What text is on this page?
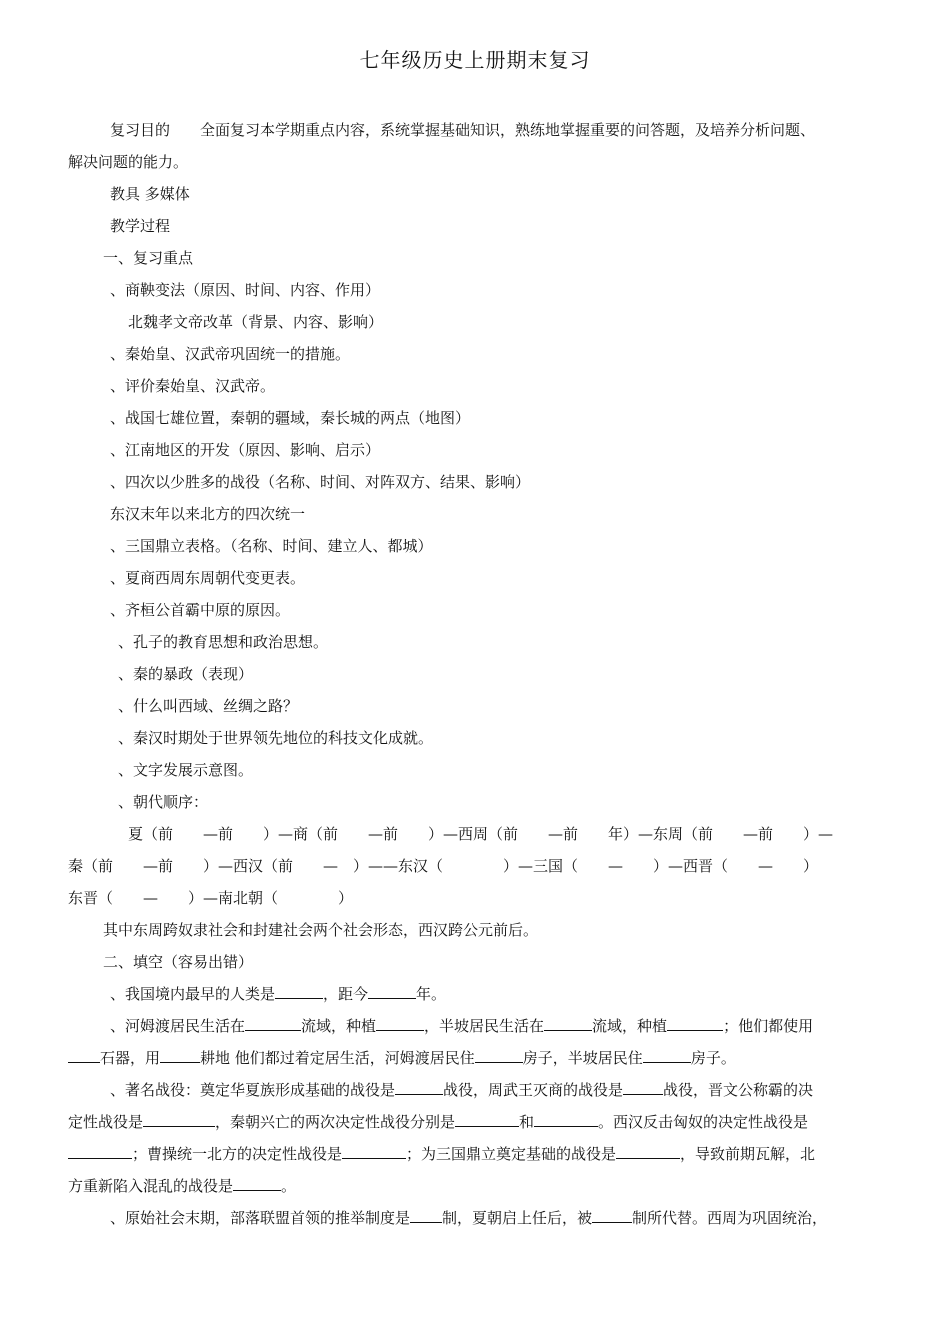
七年级历史上册期末复习
复习目的　　全面复习本学期重点内容，系统掌握基础知识，熟练地掌握重要的问答题，及培养分析问题、
解决问题的能力。
教具 多媒体
教学过程
一、复习重点
、商鞅变法（原因、时间、内容、作用）
北魏孝文帝改革（背景、内容、影响）
、秦始皇、汉武帝巩固统一的措施。
、评价秦始皇、汉武帝。
、战国七雄位置，秦朝的疆域，秦长城的两点（地图）
、江南地区的开发（原因、影响、启示）
、四次以少胜多的战役（名称、时间、对阵双方、结果、影响）
东汉末年以来北方的四次统一
、三国鼎立表格。（名称、时间、建立人、都城）
、夏商西周东周朝代变更表。
、齐桓公首霸中原的原因。
、孔子的教育思想和政治思想。
、秦的暴政（表现）
、什么叫西域、丝绸之路？
、秦汉时期处于世界领先地位的科技文化成就。
、文字发展示意图。
、朝代顺序：
夏（前　　—前　　）—商（前　　—前　　）—西周（前　　—前　　年）—东周（前　　—前　　）—
秦（前　　—前　　）—西汉（前　　—　）——东汉（　　　　）—三国（　　—　　）—西晋（　　—　　）
东晋（　　—　　）—南北朝（　　　　）
其中东周跨奴隶社会和封建社会两个社会形态，西汉跨公元前后。
二、填空（容易出错）
、我国境内最早的人类是	，距今	年。
、河姆渡居民生活在	流域，种植	，半坡居民生活在	流域，种植	；他们都使用
石器，用	耕地 他们都过着定居生活，河姆渡居民住	房子，半坡居民住	房子。
、著名战役：奠定华夏族形成基础的战役是	战役，周武王灭商的战役是	战役，晋文公称霸的决
定性战役是	，秦朝兴亡的两次决定性战役分别是	和	。西汉反击匈奴的决定性战役是
；曹操统一北方的决定性战役是	；为三国鼎立奠定基础的战役是	，导致前期瓦解，北
方重新陷入混乱的战役是	。
、原始社会末期，部落联盟首领的推举制度是 制，夏朝启上任后，被	制所代替。西周为巩固统治，
